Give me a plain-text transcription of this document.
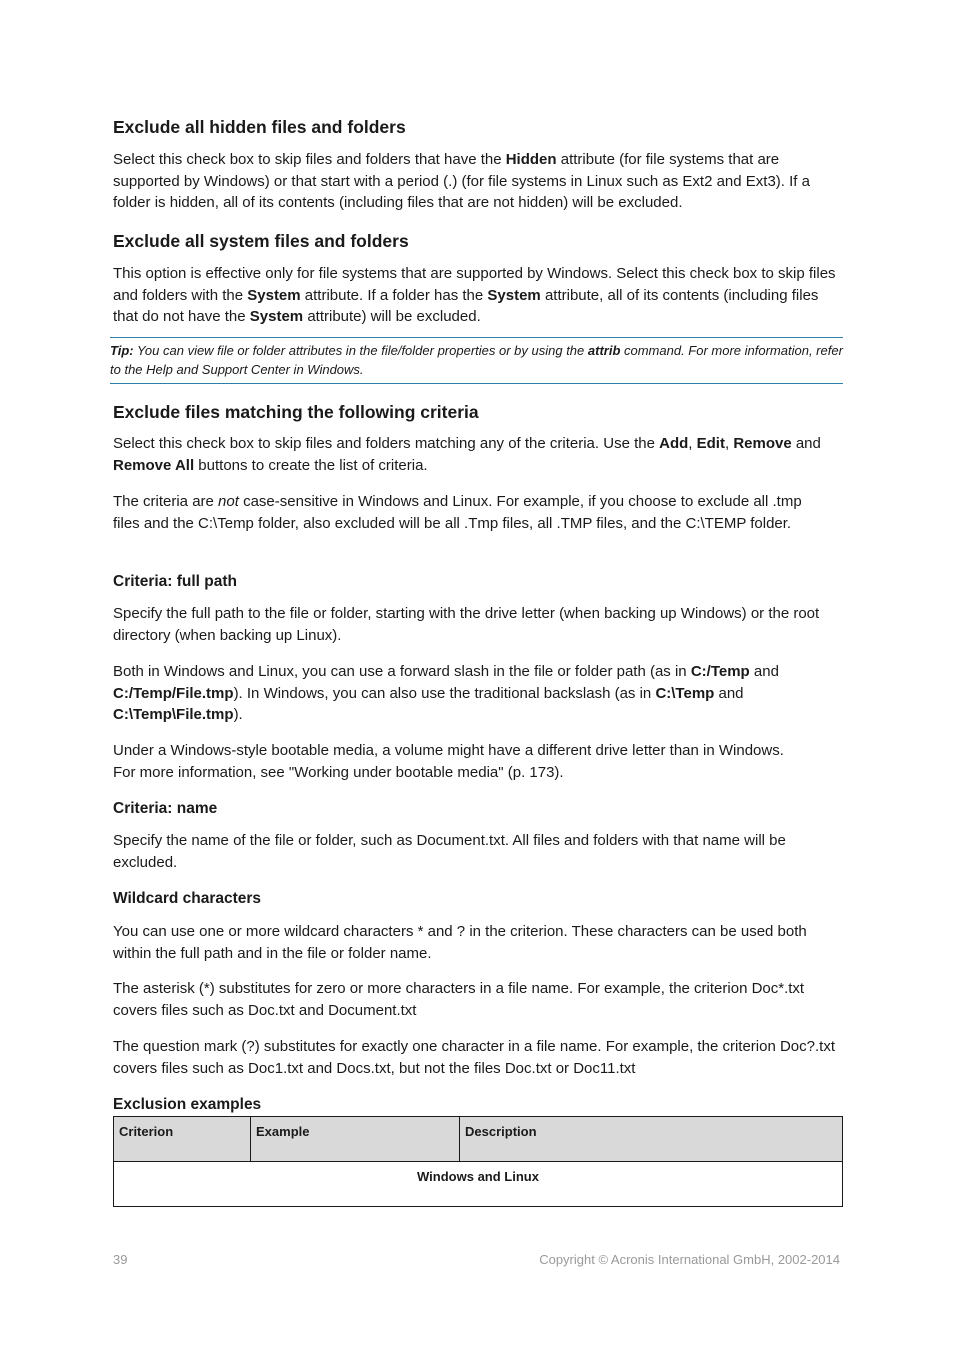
Exclude all hidden files and folders

Select this check box to skip files and folders that have the Hidden attribute (for file systems that are supported by Windows) or that start with a period (.) (for file systems in Linux such as Ext2 and Ext3). If a folder is hidden, all of its contents (including files that are not hidden) will be excluded.

Exclude all system files and folders

This option is effective only for file systems that are supported by Windows. Select this check box to skip files and folders with the System attribute. If a folder has the System attribute, all of its contents (including files that do not have the System attribute) will be excluded.

Tip: You can view file or folder attributes in the file/folder properties or by using the attrib command. For more information, refer to the Help and Support Center in Windows.
Exclude files matching the following criteria

Select this check box to skip files and folders matching any of the criteria. Use the Add, Edit, Remove and Remove All buttons to create the list of criteria.

The criteria are not case-sensitive in Windows and Linux. For example, if you choose to exclude all .tmp files and the C:\Temp folder, also excluded will be all .Tmp files, all .TMP files, and the C:\TEMP folder.

Criteria: full path

Specify the full path to the file or folder, starting with the drive letter (when backing up Windows) or the root directory (when backing up Linux).

Both in Windows and Linux, you can use a forward slash in the file or folder path (as in C:/Temp and C:/Temp/File.tmp). In Windows, you can also use the traditional backslash (as in C:\Temp and C:\Temp\File.tmp).

Under a Windows-style bootable media, a volume might have a different drive letter than in Windows. For more information, see "Working under bootable media" (p. 173).

Criteria: name

Specify the name of the file or folder, such as Document.txt. All files and folders with that name will be excluded.

Wildcard characters

You can use one or more wildcard characters * and ? in the criterion. These characters can be used both within the full path and in the file or folder name.

The asterisk (*) substitutes for zero or more characters in a file name. For example, the criterion Doc*.txt covers files such as Doc.txt and Document.txt

The question mark (?) substitutes for exactly one character in a file name. For example, the criterion Doc?.txt covers files such as Doc1.txt and Docs.txt, but not the files Doc.txt or Doc11.txt

Exclusion examples
Criterion	Example	Description
Windows and Linux
39	Copyright © Acronis International GmbH, 2002-2014
